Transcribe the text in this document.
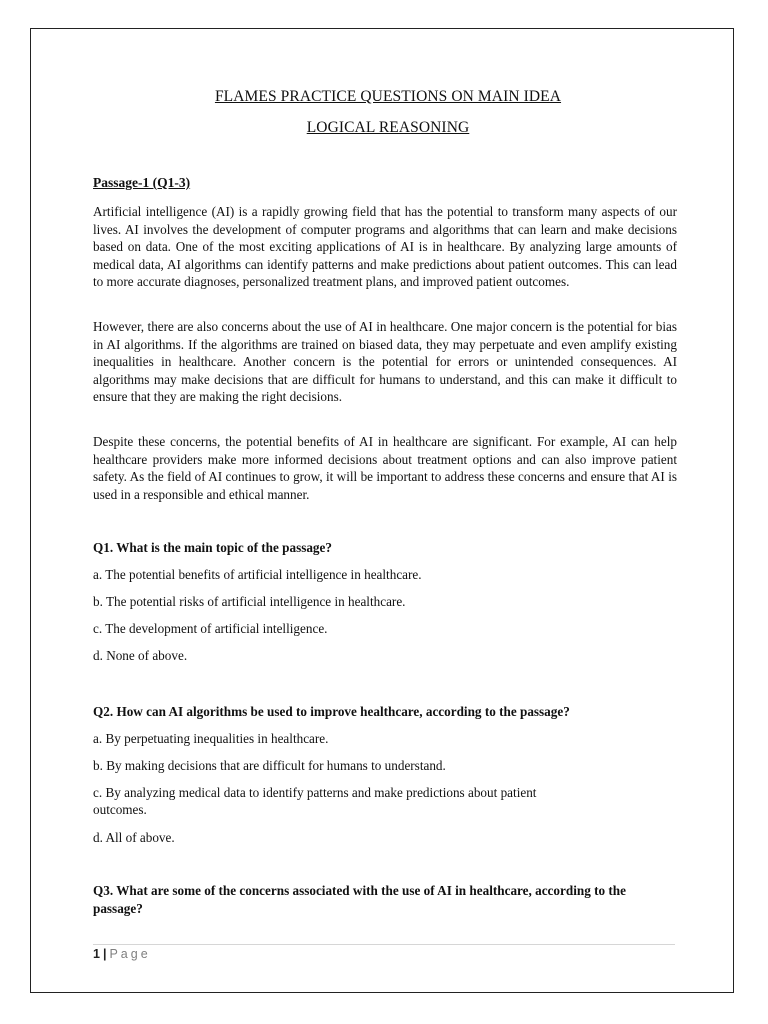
FLAMES PRACTICE QUESTIONS ON MAIN IDEA

LOGICAL REASONING

Passage-1 (Q1-3)

Artificial intelligence (AI) is a rapidly growing field that has the potential to transform many aspects of our lives. AI involves the development of computer programs and algorithms that can learn and make decisions based on data. One of the most exciting applications of AI is in healthcare. By analyzing large amounts of medical data, AI algorithms can identify patterns and make predictions about patient outcomes. This can lead to more accurate diagnoses, personalized treatment plans, and improved patient outcomes.

However, there are also concerns about the use of AI in healthcare. One major concern is the potential for bias in AI algorithms. If the algorithms are trained on biased data, they may perpetuate and even amplify existing inequalities in healthcare. Another concern is the potential for errors or unintended consequences. AI algorithms may make decisions that are difficult for humans to understand, and this can make it difficult to ensure that they are making the right decisions.

Despite these concerns, the potential benefits of AI in healthcare are significant. For example, AI can help healthcare providers make more informed decisions about treatment options and can also improve patient safety. As the field of AI continues to grow, it will be important to address these concerns and ensure that AI is used in a responsible and ethical manner.

Q1. What is the main topic of the passage?
a. The potential benefits of artificial intelligence in healthcare.
b. The potential risks of artificial intelligence in healthcare.
c. The development of artificial intelligence.
d. None of above.
Q2. How can AI algorithms be used to improve healthcare, according to the passage?
a. By perpetuating inequalities in healthcare.
b. By making decisions that are difficult for humans to understand.
c. By analyzing medical data to identify patterns and make predictions about patient outcomes.
d. All of above.
Q3. What are some of the concerns associated with the use of AI in healthcare, according to the passage?
1 | Page
